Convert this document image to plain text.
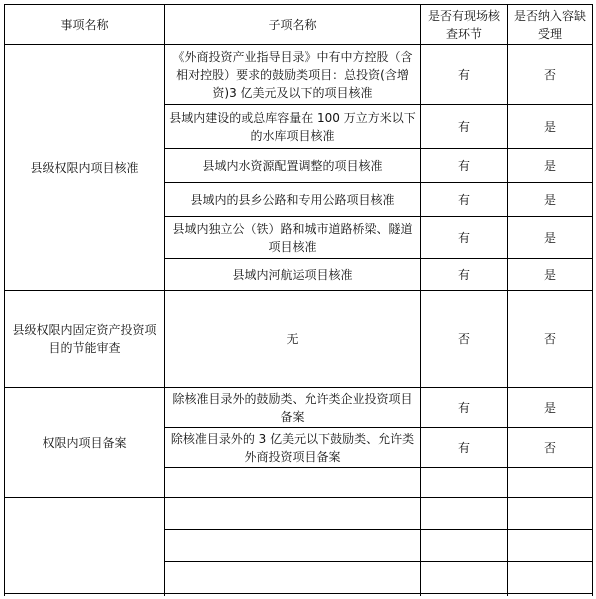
事项名称	子项名称	是否有现场核查环节	是否纳入容缺受理
县级权限内项目核准	《外商投资产业指导目录》中有中方控股（含相对控股）要求的鼓励类项目：总投资(含增资)3 亿美元及以下的项目核准	有	否
	县域内建设的或总库容量在 100 万立方米以下的水库项目核准	有	是
	县域内水资源配置调整的项目核准	有	是
	县域内的县乡公路和专用公路项目核准	有	是
	县域内独立公（铁）路和城市道路桥梁、隧道项目核准	有	是
	县域内河航运项目核准	有	是
县级权限内固定资产投资项目的节能审查	无	否	否
权限内项目备案	除核准目录外的鼓励类、允许类企业投资项目备案	有	是
	除核准目录外的 3 亿美元以下鼓励类、允许类外商投资项目备案	有	否
